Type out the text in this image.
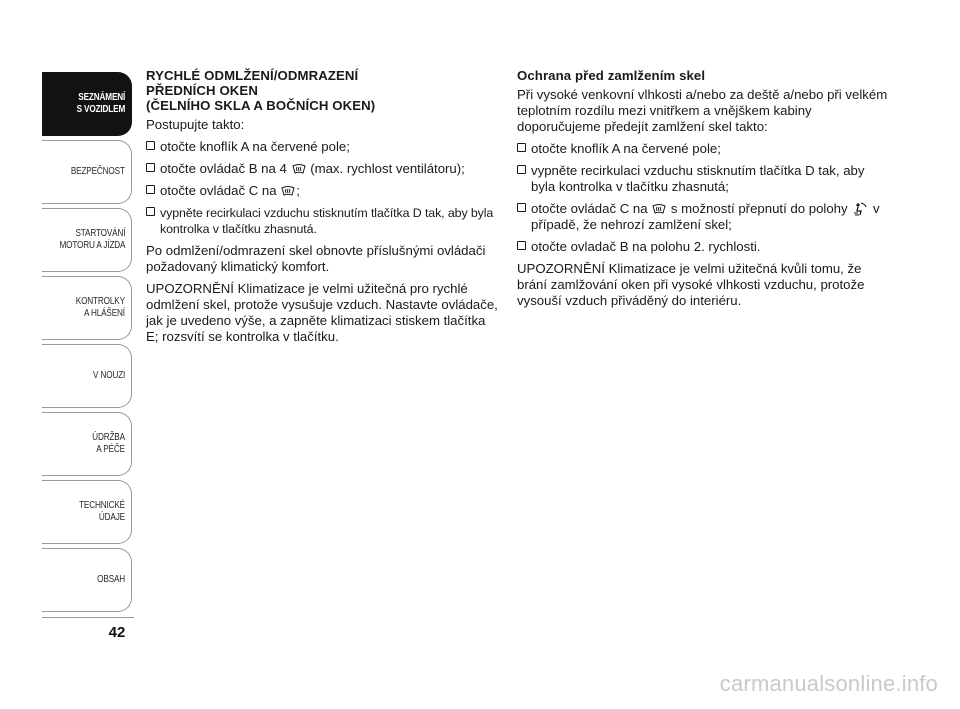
SEZNÁMENÍ
S VOZIDLEM
BEZPEČNOST
STARTOVÁNÍ
MOTORU A JÍZDA
KONTROLKY
A HLÁŠENÍ
V NOUZI
ÚDRŽBA
A PÉČE
TECHNICKÉ
ÚDAJE
OBSAH
42
RYCHLÉ ODMLŽENÍ/ODMRAZENÍ
PŘEDNÍCH OKEN
(ČELNÍHO SKLA A BOČNÍCH OKEN)

Postupujte takto:

otočte knoflík A na červené pole;
otočte ovládač B na 4 (max. rychlost ventilátoru);
otočte ovládač C na ;
vypněte recirkulaci vzduchu stisknutím tlačítka D tak, aby byla kontrolka v tlačítku zhasnutá.

Po odmlžení/odmrazení skel obnovte příslušnými ovládači požadovaný klimatický komfort.

UPOZORNĚNÍ Klimatizace je velmi užitečná pro rychlé odmlžení skel, protože vysušuje vzduch. Nastavte ovládače, jak je uvedeno výše, a zapněte klimatizaci stiskem tlačítka E; rozsvítí se kontrolka v tlačítku.

Ochrana před zamlžením skel

Při vysoké venkovní vlhkosti a/nebo za deště a/nebo při velkém teplotním rozdílu mezi vnitřkem a vnějškem kabiny doporučujeme předejít zamlžení skel takto:

otočte knoflík A na červené pole;
vypněte recirkulaci vzduchu stisknutím tlačítka D tak, aby byla kontrolka v tlačítku zhasnutá;
otočte ovládač C na s možností přepnutí do polohy v případě, že nehrozí zamlžení skel;
otočte ovladač B na polohu 2. rychlosti.

UPOZORNĚNÍ Klimatizace je velmi užitečná kvůli tomu, že brání zamlžování oken při vysoké vlhkosti vzduchu, protože vysouší vzduch přiváděný do interiéru.

carmanualsonline.info
